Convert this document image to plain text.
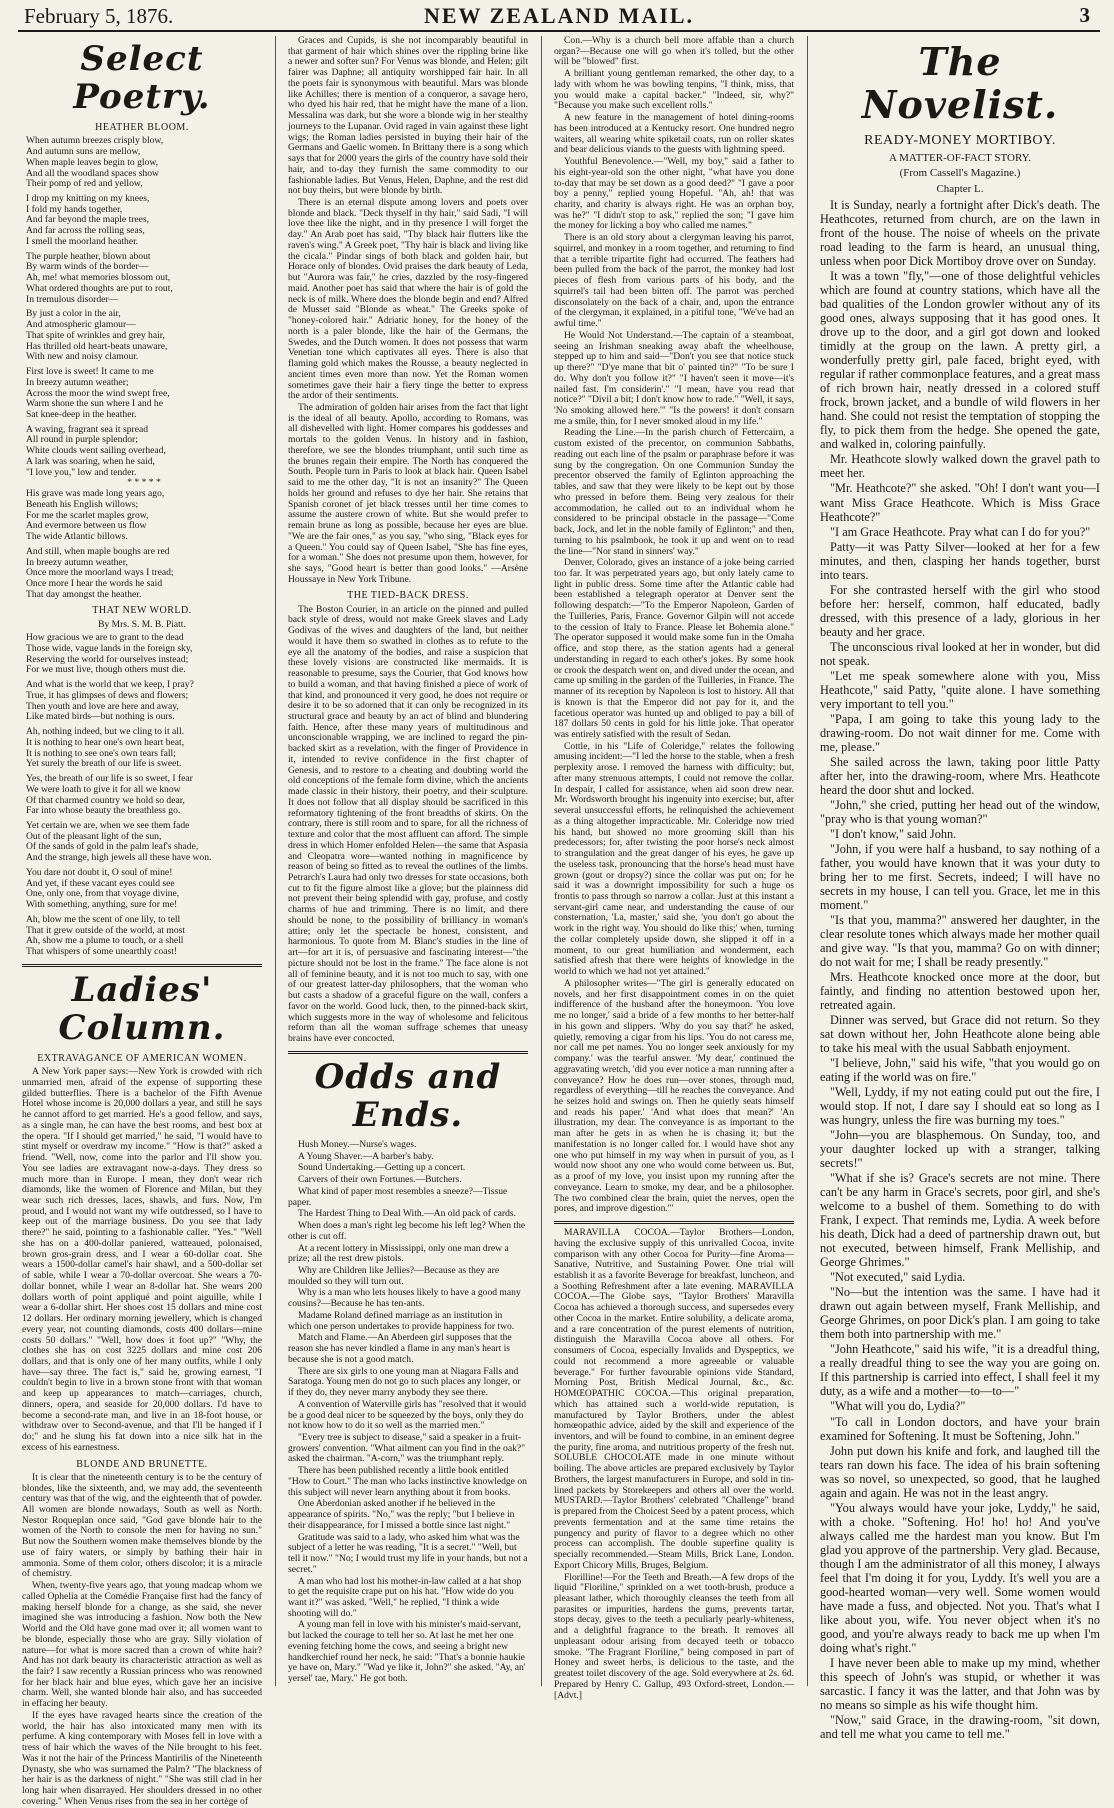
February 5, 1876.	NEW ZEALAND MAIL.	3
Select Poetry.
HEATHER BLOOM.

When autumn breezes crisply blow,

And autumn suns are mellow,

When maple leaves begin to glow,

And all the woodland spaces show

Their pomp of red and yellow,

I drop my knitting on my knees,

I fold my hands together,

And far beyond the maple trees,

And far across the rolling seas,

I smell the moorland heather.

The purple heather, blown about

By warm winds of the border—

Ah, me! what memories blossom out,

What ordered thoughts are put to rout,

In tremulous disorder—

By just a color in the air,

And atmospheric glamour—

That spite of wrinkles and grey hair,

Has thrilled old heart-beats unaware,

With new and noisy clamour.

First love is sweet! It came to me

In breezy autumn weather;

Across the moor the wind swept free,

Warm shone the sun where I and he

Sat knee-deep in the heather.

A waving, fragrant sea it spread

All round in purple splendor;

White clouds went sailing overhead,

A lark was soaring, when he said,

"I love you," low and tender.

* * * * *

His grave was made long years ago,

Beneath his English willows;

For me the scarlet maples grow,

And evermore between us flow

The wide Atlantic billows.

And still, when maple boughs are red

In breezy autumn weather,

Once more the moorland ways I tread;

Once more I hear the words he said

That day amongst the heather.

THAT NEW WORLD.
By Mrs. S. M. B. Piatt.

How gracious we are to grant to the dead

Those wide, vague lands in the foreign sky,

Reserving the world for ourselves instead;

For we must live, though others must die.

And what is the world that we keep, I pray?

True, it has glimpses of dews and flowers;

Then youth and love are here and away,

Like mated birds—but nothing is ours.

Ah, nothing indeed, but we cling to it all.

It is nothing to hear one's own heart beat,

It is nothing to see one's own tears fall;

Yet surely the breath of our life is sweet.

Yes, the breath of our life is so sweet, I fear

We were loath to give it for all we know

Of that charmed country we hold so dear,

Far into whose beauty the breathless go.

Yet certain we are, when we see them fade

Out of the pleasant light of the sun,

Of the sands of gold in the palm leaf's shade,

And the strange, high jewels all these have won.

You dare not doubt it, O soul of mine!

And yet, if these vacant eyes could see

One, only one, from that voyage divine,

With something, anything, sure for me!

Ah, blow me the scent of one lily, to tell

That it grew outside of the world, at most

Ah, show me a plume to touch, or a shell

That whispers of some unearthly coast!

Ladies' Column.
EXTRAVAGANCE OF AMERICAN WOMEN.

A New York paper says:—New York is crowded with rich unmarried men, afraid of the expense of supporting these gilded butterflies. There is a bachelor of the Fifth Avenue Hotel whose income is 20,000 dollars a year, and still he says he cannot afford to get married. He's a good fellow, and says, as a single man, he can have the best rooms, and best box at the opera. "If I should get married," he said, "I would have to stint myself or overdraw my income." "How is that?" asked a friend. "Well, now, come into the parlor and I'll show you. You see ladies are extravagant now-a-days. They dress so much more than in Europe. I mean, they don't wear rich diamonds, like the women of Florence and Milan, but they wear such rich dresses, laces, shawls, and furs. Now, I'm proud, and I would not want my wife outdressed, so I have to keep out of the marriage business. Do you see that lady there?" he said, pointing to a fashionable caller. "Yes." "Well she has on a 400-dollar paniered, watteaued, polonaised, brown gros-grain dress, and I wear a 60-dollar coat. She wears a 1500-dollar camel's hair shawl, and a 500-dollar set of sable, while I wear a 70-dollar overcoat. She wears a 70-dollar bonnet, while I wear an 8-dollar hat. She wears 200 dollars worth of point appliqué and point aiguille, while I wear a 6-dollar shirt. Her shoes cost 15 dollars and mine cost 12 dollars. Her ordinary morning jewellery, which is changed every year, not counting diamonds, costs 400 dollars—mine costs 50 dollars." "Well, how does it foot up?" "Why, the clothes she has on cost 3225 dollars and mine cost 206 dollars, and that is only one of her many outfits, while I only have—say three. The fact is," said he, growing earnest, "I couldn't begin to live in a brown stone front with that woman and keep up appearances to match—carriages, church, dinners, opera, and seaside for 20,000 dollars. I'd have to become a second-rate man, and live in an 18-foot house, or withdraw over to Second-avenue, and that I'll be hanged if I do;" and he slung his fat down into a nice silk hat in the excess of his earnestness.

BLONDE AND BRUNETTE.

It is clear that the nineteenth century is to be the century of blondes, like the sixteenth, and, we may add, the seventeenth century was that of the wig, and the eighteenth that of powder. All women are blonde nowadays, South as well as North. Nestor Roqueplan once said, "God gave blonde hair to the women of the North to console the men for having no sun." But now the Southern women make themselves blonde by the use of fairy waters, or simply by bathing their hair in ammonia. Some of them color, others discolor; it is a miracle of chemistry.

When, twenty-five years ago, that young madcap whom we called Ophelia at the Comédie Française first had the fancy of making herself blonde for a change, as she said, she never imagined she was introducing a fashion. Now both the New World and the Old have gone mad over it; all women want to be blonde, especially those who are gray. Silly violation of nature—for what is more sacred than a crown of white hair? And has not dark beauty its characteristic attraction as well as the fair? I saw recently a Russian princess who was renowned for her black hair and blue eyes, which gave her an incisive charm. Well, she wanted blonde hair also, and has succeeded in effacing her beauty.

If the eyes have ravaged hearts since the creation of the world, the hair has also intoxicated many men with its perfume. A king contemporary with Moses fell in love with a tress of hair which the waves of the Nile brought to his feet. Was it not the hair of the Princess Mantirilis of the Nineteenth Dynasty, she who was surnamed the Palm? "The blackness of her hair is as the darkness of night." "She was still clad in her long hair when disarrayed. Her shoulders dressed in no other covering." When Venus rises from the sea in her cortège of

Graces and Cupids, is she not incomparably beautiful in that garment of hair which shines over the rippling brine like a newer and softer sun? For Venus was blonde, and Helen; gilt fairer was Daphne; all antiquity worshipped fair hair. In all the poets fair is synonymous with beautiful. Mars was blonde like Achilles; there is mention of a conqueror, a savage hero, who dyed his hair red, that he might have the mane of a lion. Messalina was dark, but she wore a blonde wig in her stealthy journeys to the Lupanar. Ovid raged in vain against these light wigs; the Roman ladies persisted in buying their hair of the Germans and Gaelic women. In Brittany there is a song which says that for 2000 years the girls of the country have sold their hair, and to-day they furnish the same commodity to our fashionable ladies. But Venus, Helen, Daphne, and the rest did not buy theirs, but were blonde by birth.

There is an eternal dispute among lovers and poets over blonde and black. "Deck thyself in thy hair," said Sadi, "I will love thee like the night, and in thy presence I will forget the day." An Arab poet has said, "Thy black hair flutters like the raven's wing." A Greek poet, "Thy hair is black and living like the cicala." Pindar sings of both black and golden hair, but Horace only of blondes. Ovid praises the dark beauty of Leda, but "Aurora was fair," he cries, dazzled by the rosy-fingered maid. Another poet has said that where the hair is of gold the neck is of milk. Where does the blonde begin and end? Alfred de Musset said "Blonde as wheat." The Greeks spoke of "honey-colored hair." Adriatic honey, for the honey of the north is a paler blonde, like the hair of the Germans, the Swedes, and the Dutch women. It does not possess that warm Venetian tone which captivates all eyes. There is also that flaming gold which makes the Rousse, a beauty neglected in ancient times even more than now. Yet the Roman women sometimes gave their hair a fiery tinge the better to express the ardor of their sentiments.

The admiration of golden hair arises from the fact that light is the ideal of all beauty. Apollo, according to Romans, was all dishevelled with light. Homer compares his goddesses and mortals to the golden Venus. In history and in fashion, therefore, we see the blondes triumphant, until such time as the brunes regain their empire. The North has conquered the South. People turn in Paris to look at black hair. Queen Isabel said to me the other day, "It is not an insanity?" The Queen holds her ground and refuses to dye her hair. She retains that Spanish coronet of jet black tresses until her time comes to assume the austere crown of white. But she would prefer to remain brune as long as possible, because her eyes are blue. "We are the fair ones," as you say, "who sing, "Black eyes for a Queen." You could say of Queen Isabel, "She has fine eyes, for a woman." She does not presume upon them, however, for she says, "Good heart is better than good looks." —Arsène Houssaye in New York Tribune.

THE TIED-BACK DRESS.

The Boston Courier, in an article on the pinned and pulled back style of dress, would not make Greek slaves and Lady Godivas of the wives and daughters of the land, but neither would it have them so swathed in clothes as to refute to the eye all the anatomy of the bodies, and raise a suspicion that these lovely visions are constructed like mermaids. It is reasonable to presume, says the Courier, that God knows how to build a woman, and that having finished a piece of work of that kind, and pronounced it very good, he does not require or desire it to be so adorned that it can only be recognized in its structural grace and beauty by an act of blind and blundering faith. Hence, after these many years of multitudinous and unconscionable wrapping, we are inclined to regard the pin-backed skirt as a revelation, with the finger of Providence in it, intended to revive confidence in the first chapter of Genesis, and to restore to a cheating and doubting world the old conceptions of the female form divine, which the ancients made classic in their history, their poetry, and their sculpture. It does not follow that all display should be sacrificed in this reformatory tightening of the front breadths of skirts. On the contrary, there is still room and to spare, for all the richness of texture and color that the most affluent can afford. The simple dress in which Homer enfolded Helen—the same that Aspasia and Cleopatra wore—wanted nothing in magnificence by reason of being so fitted as to reveal the outlines of the limbs. Petrarch's Laura had only two dresses for state occasions, both cut to fit the figure almost like a glove; but the plainness did not prevent their being splendid with gay, profuse, and costly charms of hue and trimming. There is no limit, and there should be none, to the possibility of brilliancy in woman's attire; only let the spectacle be honest, consistent, and harmonious. To quote from M. Blanc's studies in the line of art—for art it is, of persuasive and fascinating interest—"the picture should not be lost in the frame." The face alone is not all of feminine beauty, and it is not too much to say, with one of our greatest latter-day philosophers, that the woman who but casts a shadow of a graceful figure on the wall, confers a favor on the world. Good luck, then, to the pinned-back skirt, which suggests more in the way of wholesome and felicitous reform than all the woman suffrage schemes that uneasy brains have ever concocted.

Odds and Ends.

Hush Money.—Nurse's wages.

A Young Shaver.—A barber's baby.

Sound Undertaking.—Getting up a concert.

Carvers of their own Fortunes.—Butchers.

What kind of paper most resembles a sneeze?—Tissue paper.

The Hardest Thing to Deal With.—An old pack of cards.

When does a man's right leg become his left leg? When the other is cut off.

At a recent lottery in Mississippi, only one man drew a prize; all the rest drew pistols.

Why are Children like Jellies?—Because as they are moulded so they will turn out.

Why is a man who lets houses likely to have a good many cousins?—Because he has ten-ants.

Madame Roland defined marriage as an institution in which one person undertakes to provide happiness for two.

Match and Flame.—An Aberdeen girl supposes that the reason she has never kindled a flame in any man's heart is because she is not a good match.

There are six girls to one young man at Niagara Falls and Saratoga. Young men do not go to such places any longer, or if they do, they never marry anybody they see there.

A convention of Waterville girls has "resolved that it would be a good deal nicer to be squeezed by the boys, only they do not know how to do it so well as the married men."

"Every tree is subject to disease," said a speaker in a fruit-growers' convention. "What ailment can you find in the oak?" asked the chairman. "A-corn," was the triumphant reply.

There has been published recently a little book entitled "How to Court." The man who lacks instinctive knowledge on this subject will never learn anything about it from books.

One Aberdonian asked another if he believed in the appearance of spirits. "No," was the reply; "but I believe in their disappearance, for I missed a bottle since last night."

Gratitude was said to a lady, who asked him what was the subject of a letter he was reading, "It is a secret." "Well, but tell it now." "No; I would trust my life in your hands, but not a secret."

A man who had lost his mother-in-law called at a hat shop to get the requisite crape put on his hat. "How wide do you want it?" was asked. "Well," he replied, "I think a wide shooting will do."

A young man fell in love with his minister's maid-servant, but lacked the courage to tell her so. At last he met her one evening fetching home the cows, and seeing a bright new handkerchief round her neck, he said: "That's a bonnie haukie ye have on, Mary." "Wad ye like it, John?" she asked. "Ay, an' yersel' tae, Mary." He got both.

Con.—Why is a church bell more affable than a church organ?—Because one will go when it's tolled, but the other will be "blowed" first.

A brilliant young gentleman remarked, the other day, to a lady with whom he was bowling tenpins, "I think, miss, that you would make a capital backer." "Indeed, sir, why?" "Because you make such excellent rolls."

A new feature in the management of hotel dining-rooms has been introduced at a Kentucky resort. One hundred negro waiters, all wearing white spiketail coats, run on roller skates and bear delicious viands to the guests with lightning speed.

Youthful Benevolence.—"Well, my boy," said a father to his eight-year-old son the other night, "what have you done to-day that may be set down as a good deed?" "I gave a poor boy a penny," replied young Hopeful. "Ah, ah! that was charity, and charity is always right. He was an orphan boy, was he?" "I didn't stop to ask," replied the son; "I gave him the money for licking a boy who called me names."

There is an old story about a clergyman leaving his parrot, squirrel, and monkey in a room together, and returning to find that a terrible tripartite fight had occurred. The feathers had been pulled from the back of the parrot, the monkey had lost pieces of flesh from various parts of his body, and the squirrel's tail had been bitten off. The parrot was perched disconsolately on the back of a chair, and, upon the entrance of the clergyman, it explained, in a pitiful tone, "We've had an awful time."

He Would Not Understand.—The captain of a steamboat, seeing an Irishman sneaking away abaft the wheelhouse, stepped up to him and said—"Don't you see that notice stuck up there?" "D'ye mane that bit o' painted tin?" "To be sure I do. Why don't you follow it?" "I haven't seen it move—it's nailed fast. I'm considerin'." "I mean, have you read that notice?" "Divil a bit; I don't know how to rade." "Well, it says, 'No smoking allowed here.'" "Is the powers! it don't consarn me a smile, thin, for I never smoked aloud in my life."

Reading the Line.—In the parish church of Fettercairn, a custom existed of the precentor, on communion Sabbaths, reading out each line of the psalm or paraphrase before it was sung by the congregation. On one Communion Sunday the precentor observed the family of Eglinton approaching the tables, and saw that they were likely to be kept out by those who pressed in before them. Being very zealous for their accommodation, he called out to an individual whom he considered to be principal obstacle in the passage—"Come back, Jock, and let in the noble family of Eglinton;" and then, turning to his psalmbook, he took it up and went on to read the line—"Nor stand in sinners' way."

Denver, Colorado, gives an instance of a joke being carried too far. It was perpetrated years ago, but only lately came to light in public dress. Some time after the Atlantic cable had been established a telegraph operator at Denver sent the following despatch:—"To the Emperor Napoleon, Garden of the Tuilleries, Paris, France. Governor Gilpin will not accede to the cession of Italy to France. Please let Bohemia alone." The operator supposed it would make some fun in the Omaha office, and stop there, as the station agents had a general understanding in regard to each other's jokes. By some hook or crook the despatch went on, and dived under the ocean, and came up smiling in the garden of the Tuilleries, in France. The manner of its reception by Napoleon is lost to history. All that is known is that the Emperor did not pay for it, and the facetious operator was hunted up and obliged to pay a bill of 187 dollars 50 cents in gold for his little joke. That operator was entirely satisfied with the result of Sedan.

Cottle, in his "Life of Coleridge," relates the following amusing incident:—"I led the horse to the stable, when a fresh perplexity arose. I removed the harness with difficulty; but, after many strenuous attempts, I could not remove the collar. In despair, I called for assistance, when aid soon drew near. Mr. Wordsworth brought his ingenuity into exercise; but, after several unsuccessful efforts, he relinquished the achievement as a thing altogether impracticable. Mr. Coleridge now tried his hand, but showed no more grooming skill than his predecessors; for, after twisting the poor horse's neck almost to strangulation and the great danger of his eyes, he gave up the useless task, pronouncing that the horse's head must have grown (gout or dropsy?) since the collar was put on; for he said it was a downright impossibility for such a huge os frontis to pass through so narrow a collar. Just at this instant a servant-girl came near, and understanding the cause of our consternation, 'La, master,' said she, 'you don't go about the work in the right way. You should do like this;' when, turning the collar completely upside down, she slipped it off in a moment, to our great humiliation and wonderment, each satisfied afresh that there were heights of knowledge in the world to which we had not yet attained."

A philosopher writes—"The girl is generally educated on novels, and her first disappointment comes in on the quiet indifference of the husband after the honeymoon. 'You love me no longer,' said a bride of a few months to her better-half in his gown and slippers. 'Why do you say that?' he asked, quietly, removing a cigar from his lips. 'You do not caress me, nor call me pet names. You no longer seek anxiously for my company.' was the tearful answer. 'My dear,' continued the aggravating wretch, 'did you ever notice a man running after a conveyance? How he does run—over stones, through mud, regardless of everything—till he reaches the conveyance. And he seizes hold and swings on. Then he quietly seats himself and reads his paper.' 'And what does that mean?' 'An illustration, my dear. The conveyance is as important to the man after he gets in as when he is chasing it; but the manifestation is no longer called for. I would have shot any one who put himself in my way when in pursuit of you, as I would now shoot any one who would come between us. But, as a proof of my love, you insist upon my running after the conveyance. Learn to smoke, my dear, and be a philosopher. The two combined clear the brain, quiet the nerves, open the pores, and improve digestion.'"

MARAVILLA COCOA.—Taylor Brothers—London, having the exclusive supply of this unrivalled Cocoa, invite comparison with any other Cocoa for Purity—fine Aroma—Sanative, Nutritive, and Sustaining Power. One trial will establish it as a favorite Beverage for breakfast, luncheon, and a Soothing Refreshment after a late evening. MARAVILLA COCOA.—The Globe says, "Taylor Brothers' Maravilla Cocoa has achieved a thorough success, and supersedes every other Cocoa in the market. Entire solubility, a delicate aroma, and a rare concentration of the purest elements of nutrition, distinguish the Maravilla Cocoa above all others. For consumers of Cocoa, especially Invalids and Dyspeptics, we could not recommend a more agreeable or valuable beverage." For further favourable opinions vide Standard, Morning Post, British Medical Journal, &c., &c. HOMŒOPATHIC COCOA.—This original preparation, which has attained such a world-wide reputation, is manufactured by Taylor Brothers, under the ablest homœopathic advice, aided by the skill and experience of the inventors, and will be found to combine, in an eminent degree the purity, fine aroma, and nutritious property of the fresh nut. SOLUBLE CHOCOLATE made in one minute without boiling. The above articles are prepared exclusively by Taylor Brothers, the largest manufacturers in Europe, and sold in tin-lined packets by Storekeepers and others all over the world. MUSTARD.—Taylor Brothers' celebrated "Challenge" brand is prepared from the Choicest Seed by a patent process, which prevents fermentation and at the same time retains the pungency and purity of flavor to a degree which no other process can accomplish. The double superfine quality is specially recommended.—Steam Mills, Brick Lane, London. Export Chicory Mills, Bruges, Belgium.

Florilline!—For the Teeth and Breath.—A few drops of the liquid "Floriline," sprinkled on a wet tooth-brush, produce a pleasant lather, which thoroughly cleanses the teeth from all parasites or impurities, hardens the gums, prevents tartar, stops decay, gives to the teeth a peculiarly pearly-whiteness, and a delightful fragrance to the breath. It removes all unpleasant odour arising from decayed teeth or tobacco smoke. "The Fragrant Floriline," being composed in part of Honey and sweet herbs, is delicious to the taste, and the greatest toilet discovery of the age. Sold everywhere at 2s. 6d. Prepared by Henry C. Gallup, 493 Oxford-street, London.—[Advt.]

The Novelist.
READY-MONEY MORTIBOY.
A MATTER-OF-FACT STORY.
(From Cassell's Magazine.)
Chapter L.

It is Sunday, nearly a fortnight after Dick's death. The Heathcotes, returned from church, are on the lawn in front of the house. The noise of wheels on the private road leading to the farm is heard, an unusual thing, unless when poor Dick Mortiboy drove over on Sunday.

It was a town "fly,"—one of those delightful vehicles which are found at country stations, which have all the bad qualities of the London growler without any of its good ones, always supposing that it has good ones. It drove up to the door, and a girl got down and looked timidly at the group on the lawn. A pretty girl, a wonderfully pretty girl, pale faced, bright eyed, with regular if rather commonplace features, and a great mass of rich brown hair, neatly dressed in a colored stuff frock, brown jacket, and a bundle of wild flowers in her hand. She could not resist the temptation of stopping the fly, to pick them from the hedge. She opened the gate, and walked in, coloring painfully.

Mr. Heathcote slowly walked down the gravel path to meet her.

"Mr. Heathcote?" she asked. "Oh! I don't want you—I want Miss Grace Heathcote. Which is Miss Grace Heathcote?"

"I am Grace Heathcote. Pray what can I do for you?"

Patty—it was Patty Silver—looked at her for a few minutes, and then, clasping her hands together, burst into tears.

For she contrasted herself with the girl who stood before her: herself, common, half educated, badly dressed, with this presence of a lady, glorious in her beauty and her grace.

The unconscious rival looked at her in wonder, but did not speak.

"Let me speak somewhere alone with you, Miss Heathcote," said Patty, "quite alone. I have something very important to tell you."

"Papa, I am going to take this young lady to the drawing-room. Do not wait dinner for me. Come with me, please."

She sailed across the lawn, taking poor little Patty after her, into the drawing-room, where Mrs. Heathcote heard the door shut and locked.

"John," she cried, putting her head out of the window, "pray who is that young woman?"

"I don't know," said John.

"John, if you were half a husband, to say nothing of a father, you would have known that it was your duty to bring her to me first. Secrets, indeed; I will have no secrets in my house, I can tell you. Grace, let me in this moment."

"Is that you, mamma?" answered her daughter, in the clear resolute tones which always made her mother quail and give way. "Is that you, mamma? Go on with dinner; do not wait for me; I shall be ready presently."

Mrs. Heathcote knocked once more at the door, but faintly, and finding no attention bestowed upon her, retreated again.

Dinner was served, but Grace did not return. So they sat down without her, John Heathcote alone being able to take his meal with the usual Sabbath enjoyment.

"I believe, John," said his wife, "that you would go on eating if the world was on fire."

"Well, Lyddy, if my not eating could put out the fire, I would stop. If not, I dare say I should eat so long as I was hungry, unless the fire was burning my toes."

"John—you are blasphemous. On Sunday, too, and your daughter locked up with a stranger, talking secrets!"

"What if she is? Grace's secrets are not mine. There can't be any harm in Grace's secrets, poor girl, and she's welcome to a bushel of them. Something to do with Frank, I expect. That reminds me, Lydia. A week before his death, Dick had a deed of partnership drawn out, but not executed, between himself, Frank Melliship, and George Ghrimes."

"Not executed," said Lydia.

"No—but the intention was the same. I have had it drawn out again between myself, Frank Melliship, and George Ghrimes, on poor Dick's plan. I am going to take them both into partnership with me."

"John Heathcote," said his wife, "it is a dreadful thing, a really dreadful thing to see the way you are going on. If this partnership is carried into effect, I shall feel it my duty, as a wife and a mother—to—to—"

"What will you do, Lydia?"

"To call in London doctors, and have your brain examined for Softening. It must be Softening, John."

John put down his knife and fork, and laughed till the tears ran down his face. The idea of his brain softening was so novel, so unexpected, so good, that he laughed again and again. He was not in the least angry.

"You always would have your joke, Lyddy," he said, with a choke. "Softening. Ho! ho! ho! And you've always called me the hardest man you know. But I'm glad you approve of the partnership. Very glad. Because, though I am the administrator of all this money, I always feel that I'm doing it for you, Lyddy. It's well you are a good-hearted woman—very well. Some women would have made a fuss, and objected. Not you. That's what I like about you, wife. You never object when it's no good, and you're always ready to back me up when I'm doing what's right."

I have never been able to make up my mind, whether this speech of John's was stupid, or whether it was sarcastic. I fancy it was the latter, and that John was by no means so simple as his wife thought him.

"Now," said Grace, in the drawing-room, "sit down, and tell me what you came to tell me."
